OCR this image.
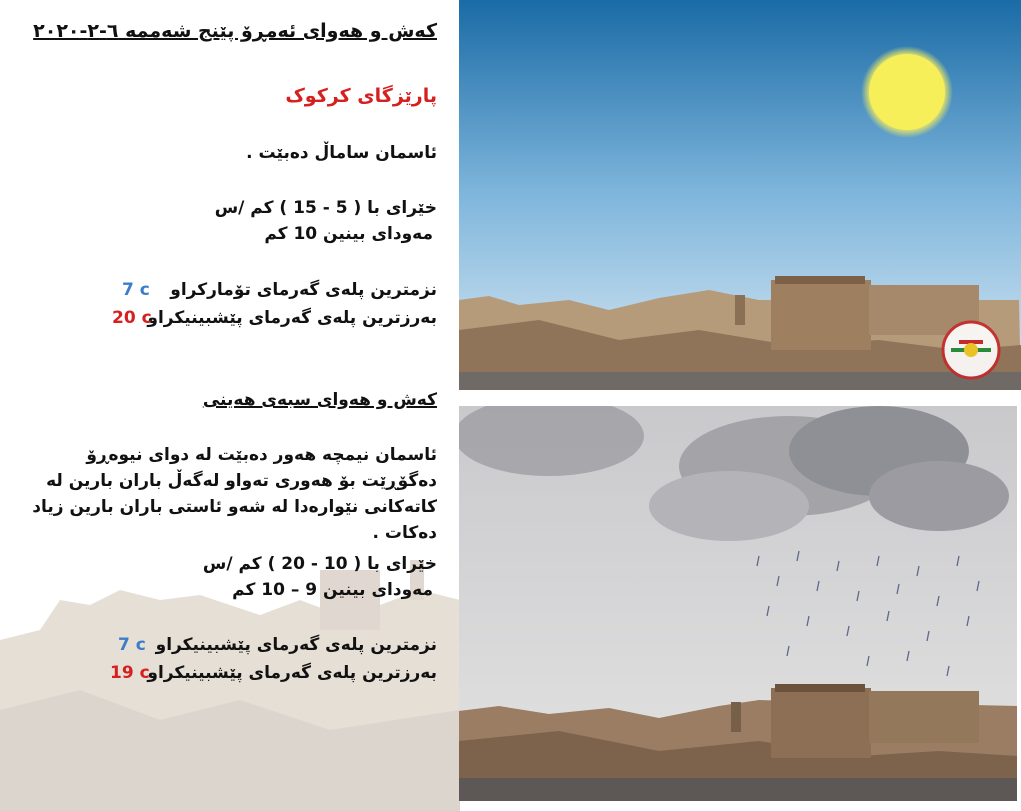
کەش و هەوای ئەمڕۆ پێنج شەممە ٦-٢-٢٠٢٠
پارێزگای کرکوک
ئاسمان ساماڵ دەبێت .
خێرای با ( 5 - 15 ) کم /س
مەودای بینین 10 کم
نزمترین پلەی گەرمای تۆمارکراو
7 c
بەرزترین پلەی گەرمای پێشبینیکراو
20 c
کەش و هەوای سبەی هەینی
ئاسمان نیمچە هەور دەبێت لە دوای نیوەڕۆ دەگۆڕێت بۆ هەوری تەواو لەگەڵ باران بارین لە کاتەکانی نێوارەدا لە شەو ئاستی باران بارین زیاد دەکات .
خێرای با ( 10 - 20 ) کم /س
مەودای بینین 9 – 10 کم
نزمترین پلەی گەرمای پێشبینیکراو
7 c
بەرزترین پلەی گەرمای پێشبینیکراو
19 c
